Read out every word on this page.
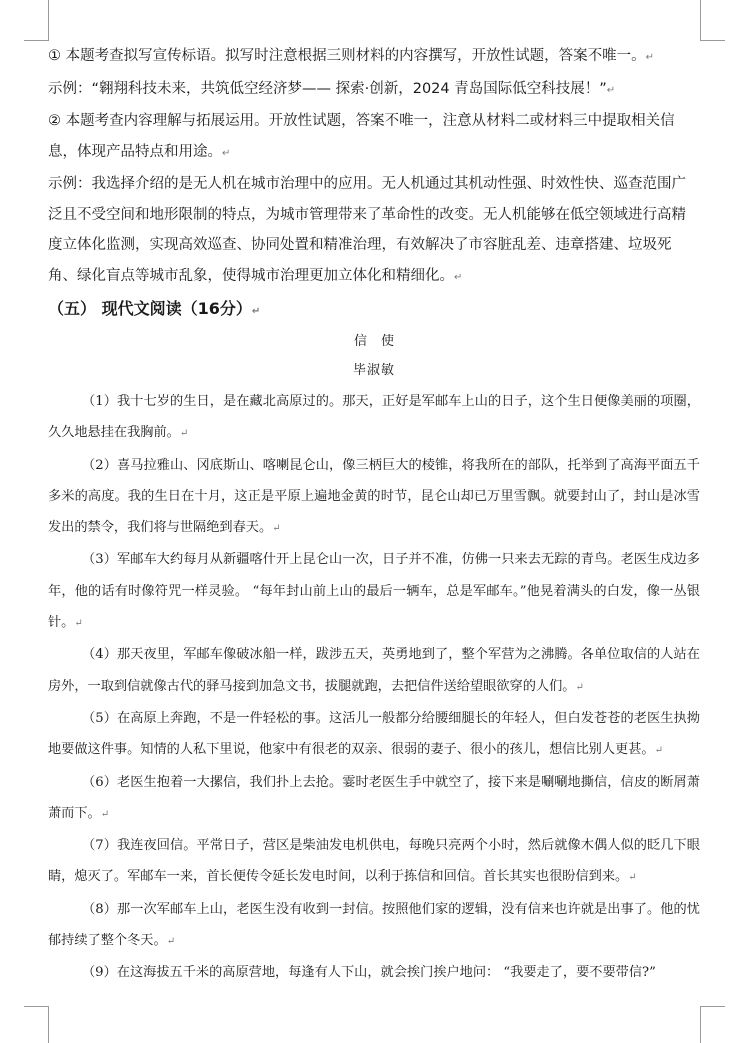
① 本题考查拟写宣传标语。拟写时注意根据三则材料的内容撰写，开放性试题，答案不唯一。↵

示例：“翱翔科技未来，共筑低空经济梦—— 探索·创新，2024 青岛国际低空科技展！”↵

② 本题考查内容理解与拓展运用。开放性试题，答案不唯一，注意从材料二或材料三中提取相关信息，体现产品特点和用途。↵

示例：我选择介绍的是无人机在城市治理中的应用。无人机通过其机动性强、时效性快、巡查范围广泛且不受空间和地形限制的特点，为城市管理带来了革命性的改变。无人机能够在低空领域进行高精度立体化监测，实现高效巡查、协同处置和精准治理，有效解决了市容脏乱差、违章搭建、垃圾死角、绿化盲点等城市乱象，使得城市治理更加立体化和精细化。↵

（五） 现代文阅读（16分）↵

信使

毕淑敏

（1）我十七岁的生日，是在藏北高原过的。那天，正好是军邮车上山的日子，这个生日便像美丽的项圈，久久地悬挂在我胸前。↵

（2）喜马拉雅山、冈底斯山、喀喇昆仑山，像三柄巨大的棱锥，将我所在的部队，托举到了高海平面五千多米的高度。我的生日在十月，这正是平原上遍地金黄的时节，昆仑山却已万里雪飘。就要封山了，封山是冰雪发出的禁令，我们将与世隔绝到春天。↵

（3）军邮车大约每月从新疆喀什开上昆仑山一次，日子并不准，仿佛一只来去无踪的青鸟。老医生戍边多年，他的话有时像符咒一样灵验。 “每年封山前上山的最后一辆车，总是军邮车。”他晃着满头的白发，像一丛银针。↵

（4）那天夜里，军邮车像破冰船一样，跋涉五天，英勇地到了，整个军营为之沸腾。各单位取信的人站在房外，一取到信就像古代的驿马接到加急文书，拔腿就跑，去把信件送给望眼欲穿的人们。↵

（5）在高原上奔跑，不是一件轻松的事。这活儿一般都分给腰细腿长的年轻人，但白发苍苍的老医生执拗地要做这件事。知情的人私下里说，他家中有很老的双亲、很弱的妻子、很小的孩儿，想信比别人更甚。↵

（6）老医生抱着一大摞信，我们扑上去抢。霎时老医生手中就空了，接下来是唰唰地撕信，信皮的断屑萧萧而下。↵

（7）我连夜回信。平常日子，营区是柴油发电机供电，每晚只亮两个小时，然后就像木偶人似的眨几下眼睛，熄灭了。军邮车一来，首长便传令延长发电时间，以利于拣信和回信。首长其实也很盼信到来。↵

（8）那一次军邮车上山，老医生没有收到一封信。按照他们家的逻辑，没有信来也许就是出事了。他的忧郁持续了整个冬天。↵

（9）在这海拔五千米的高原营地，每逢有人下山，就会挨门挨户地问： “我要走了，要不要带信?”
